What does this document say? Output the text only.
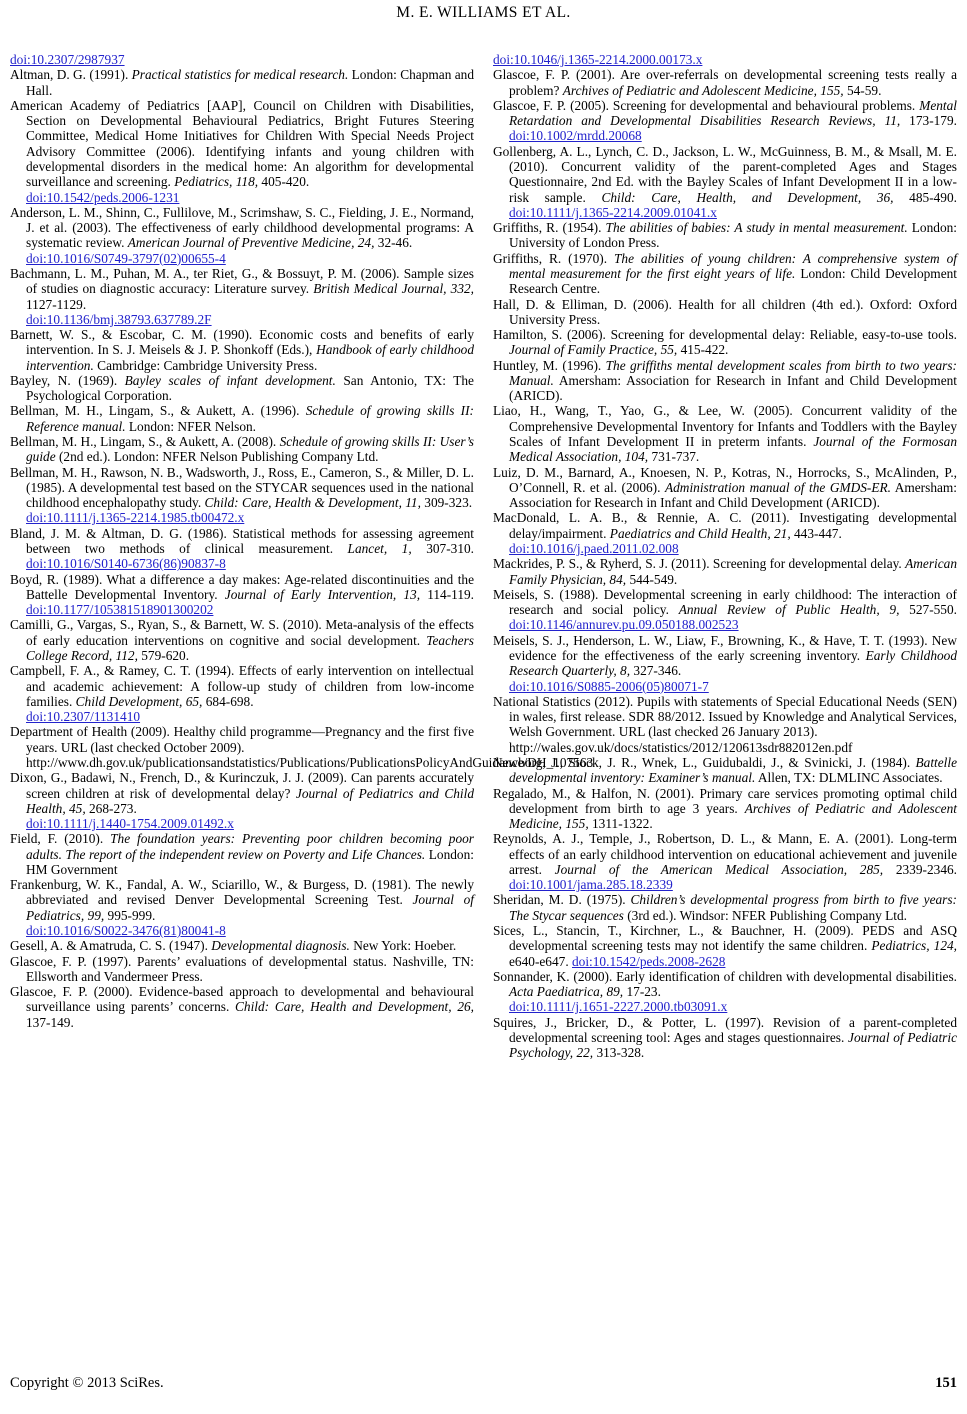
M. E. WILLIAMS ET AL.

doi:10.2307/2987937

Altman, D. G. (1991). Practical statistics for medical research. London: Chapman and Hall.

American Academy of Pediatrics [AAP], Council on Children with Disabilities, Section on Developmental Behavioural Pediatrics, Bright Futures Steering Committee, Medical Home Initiatives for Children With Special Needs Project Advisory Committee (2006). Identifying infants and young children with developmental disorders in the medical home: An algorithm for developmental surveillance and screening. Pediatrics, 118, 405-420.
doi:10.1542/peds.2006-1231

Anderson, L. M., Shinn, C., Fullilove, M., Scrimshaw, S. C., Fielding, J. E., Normand, J. et al. (2003). The effectiveness of early childhood developmental programs: A systematic review. American Journal of Preventive Medicine, 24, 32-46.
doi:10.1016/S0749-3797(02)00655-4

Bachmann, L. M., Puhan, M. A., ter Riet, G., & Bossuyt, P. M. (2006). Sample sizes of studies on diagnostic accuracy: Literature survey. British Medical Journal, 332, 1127-1129.
doi:10.1136/bmj.38793.637789.2F

Barnett, W. S., & Escobar, C. M. (1990). Economic costs and benefits of early intervention. In S. J. Meisels & J. P. Shonkoff (Eds.), Handbook of early childhood intervention. Cambridge: Cambridge University Press.

Bayley, N. (1969). Bayley scales of infant development. San Antonio, TX: The Psychological Corporation.

Bellman, M. H., Lingam, S., & Aukett, A. (1996). Schedule of growing skills II: Reference manual. London: NFER Nelson.

Bellman, M. H., Lingam, S., & Aukett, A. (2008). Schedule of growing skills II: User’s guide (2nd ed.). London: NFER Nelson Publishing Company Ltd.

Bellman, M. H., Rawson, N. B., Wadsworth, J., Ross, E., Cameron, S., & Miller, D. L. (1985). A developmental test based on the STYCAR sequences used in the national childhood encephalopathy study. Child: Care, Health & Development, 11, 309-323.
doi:10.1111/j.1365-2214.1985.tb00472.x

Bland, J. M. & Altman, D. G. (1986). Statistical methods for assessing agreement between two methods of clinical measurement. Lancet, 1, 307-310. doi:10.1016/S0140-6736(86)90837-8

Boyd, R. (1989). What a difference a day makes: Age-related discontinuities and the Battelle Developmental Inventory. Journal of Early Intervention, 13, 114-119. doi:10.1177/105381518901300202

Camilli, G., Vargas, S., Ryan, S., & Barnett, W. S. (2010). Meta-analysis of the effects of early education interventions on cognitive and social development. Teachers College Record, 112, 579-620.

Campbell, F. A., & Ramey, C. T. (1994). Effects of early intervention on intellectual and academic achievement: A follow-up study of children from low-income families. Child Development, 65, 684-698.
doi:10.2307/1131410

Department of Health (2009). Healthy child programme—Pregnancy and the first five years. URL (last checked October 2009).
http://www.dh.gov.uk/publicationsandstatistics/Publications/PublicationsPolicyAndGuidance/DH_107563

Dixon, G., Badawi, N., French, D., & Kurinczuk, J. J. (2009). Can parents accurately screen children at risk of developmental delay? Journal of Pediatrics and Child Health, 45, 268-273.
doi:10.1111/j.1440-1754.2009.01492.x

Field, F. (2010). The foundation years: Preventing poor children becoming poor adults. The report of the independent review on Poverty and Life Chances. London: HM Government

Frankenburg, W. K., Fandal, A. W., Sciarillo, W., & Burgess, D. (1981). The newly abbreviated and revised Denver Developmental Screening Test. Journal of Pediatrics, 99, 995-999.
doi:10.1016/S0022-3476(81)80041-8

Gesell, A. & Amatruda, C. S. (1947). Developmental diagnosis. New York: Hoeber.

Glascoe, F. P. (1997). Parents’ evaluations of developmental status. Nashville, TN: Ellsworth and Vandermeer Press.

Glascoe, F. P. (2000). Evidence-based approach to developmental and behavioural surveillance using parents’ concerns. Child: Care, Health and Development, 26, 137-149.

doi:10.1046/j.1365-2214.2000.00173.x

Glascoe, F. P. (2001). Are over-referrals on developmental screening tests really a problem? Archives of Pediatric and Adolescent Medicine, 155, 54-59.

Glascoe, F. P. (2005). Screening for developmental and behavioural problems. Mental Retardation and Developmental Disabilities Research Reviews, 11, 173-179. doi:10.1002/mrdd.20068

Gollenberg, A. L., Lynch, C. D., Jackson, L. W., McGuinness, B. M., & Msall, M. E. (2010). Concurrent validity of the parent-completed Ages and Stages Questionnaire, 2nd Ed. with the Bayley Scales of Infant Development II in a low-risk sample. Child: Care, Health, and Development, 36, 485-490. doi:10.1111/j.1365-2214.2009.01041.x

Griffiths, R. (1954). The abilities of babies: A study in mental measurement. London: University of London Press.

Griffiths, R. (1970). The abilities of young children: A comprehensive system of mental measurement for the first eight years of life. London: Child Development Research Centre.

Hall, D. & Elliman, D. (2006). Health for all children (4th ed.). Oxford: Oxford University Press.

Hamilton, S. (2006). Screening for developmental delay: Reliable, easy-to-use tools. Journal of Family Practice, 55, 415-422.

Huntley, M. (1996). The griffiths mental development scales from birth to two years: Manual. Amersham: Association for Research in Infant and Child Development (ARICD).

Liao, H., Wang, T., Yao, G., & Lee, W. (2005). Concurrent validity of the Comprehensive Developmental Inventory for Infants and Toddlers with the Bayley Scales of Infant Development II in preterm infants. Journal of the Formosan Medical Association, 104, 731-737.

Luiz, D. M., Barnard, A., Knoesen, N. P., Kotras, N., Horrocks, S., McAlinden, P., O’Connell, R. et al. (2006). Administration manual of the GMDS-ER. Amersham: Association for Research in Infant and Child Development (ARICD).

MacDonald, L. A. B., & Rennie, A. C. (2011). Investigating developmental delay/impairment. Paediatrics and Child Health, 21, 443-447.
doi:10.1016/j.paed.2011.02.008

Mackrides, P. S., & Ryherd, S. J. (2011). Screening for developmental delay. American Family Physician, 84, 544-549.

Meisels, S. (1988). Developmental screening in early childhood: The interaction of research and social policy. Annual Review of Public Health, 9, 527-550. doi:10.1146/annurev.pu.09.050188.002523

Meisels, S. J., Henderson, L. W., Liaw, F., Browning, K., & Have, T. T. (1993). New evidence for the effectiveness of the early screening inventory. Early Childhood Research Quarterly, 8, 327-346.
doi:10.1016/S0885-2006(05)80071-7

National Statistics (2012). Pupils with statements of Special Educational Needs (SEN) in wales, first release. SDR 88/2012. Issued by Knowledge and Analytical Services, Welsh Government. URL (last checked 26 January 2013).
http://wales.gov.uk/docs/statistics/2012/120613sdr882012en.pdf

Newborg, J., Stock, J. R., Wnek, L., Guidubaldi, J., & Svinicki, J. (1984). Battelle developmental inventory: Examiner’s manual. Allen, TX: DLMLINC Associates.

Regalado, M., & Halfon, N. (2001). Primary care services promoting optimal child development from birth to age 3 years. Archives of Pediatric and Adolescent Medicine, 155, 1311-1322.

Reynolds, A. J., Temple, J., Robertson, D. L., & Mann, E. A. (2001). Long-term effects of an early childhood intervention on educational achievement and juvenile arrest. Journal of the American Medical Association, 285, 2339-2346. doi:10.1001/jama.285.18.2339

Sheridan, M. D. (1975). Children’s developmental progress from birth to five years: The Stycar sequences (3rd ed.). Windsor: NFER Publishing Company Ltd.

Sices, L., Stancin, T., Kirchner, L., & Bauchner, H. (2009). PEDS and ASQ developmental screening tests may not identify the same children. Pediatrics, 124, e640-e647. doi:10.1542/peds.2008-2628

Sonnander, K. (2000). Early identification of children with developmental disabilities. Acta Paediatrica, 89, 17-23.
doi:10.1111/j.1651-2227.2000.tb03091.x

Squires, J., Bricker, D., & Potter, L. (1997). Revision of a parent-completed developmental screening tool: Ages and stages questionnaires. Journal of Pediatric Psychology, 22, 313-328.

Copyright © 2013 SciRes.	151
